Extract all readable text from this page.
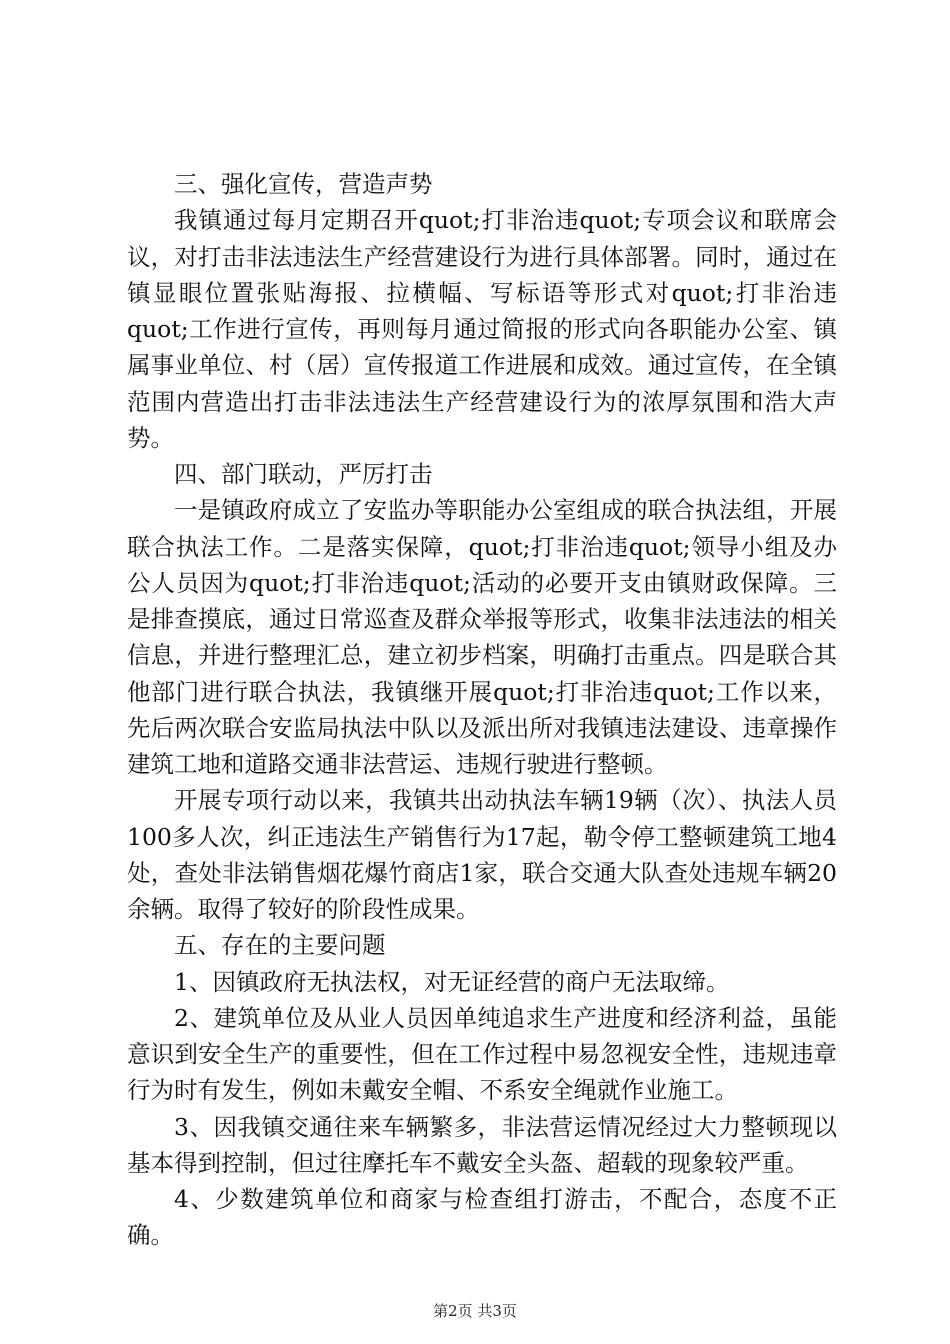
三、强化宣传，营造声势

我镇通过每月定期召开quot;打非治违quot;专项会议和联席会议，对打击非法违法生产经营建设行为进行具体部署。同时，通过在镇显眼位置张贴海报、拉横幅、写标语等形式对quot;打非治违quot;工作进行宣传，再则每月通过简报的形式向各职能办公室、镇属事业单位、村（居）宣传报道工作进展和成效。通过宣传，在全镇范围内营造出打击非法违法生产经营建设行为的浓厚氛围和浩大声势。

四、部门联动，严厉打击

一是镇政府成立了安监办等职能办公室组成的联合执法组，开展联合执法工作。二是落实保障，quot;打非治违quot;领导小组及办公人员因为quot;打非治违quot;活动的必要开支由镇财政保障。三是排查摸底，通过日常巡查及群众举报等形式，收集非法违法的相关信息，并进行整理汇总，建立初步档案，明确打击重点。四是联合其他部门进行联合执法，我镇继开展quot;打非治违quot;工作以来，先后两次联合安监局执法中队以及派出所对我镇违法建设、违章操作建筑工地和道路交通非法营运、违规行驶进行整顿。

开展专项行动以来，我镇共出动执法车辆19辆（次）、执法人员100多人次，纠正违法生产销售行为17起，勒令停工整顿建筑工地4处，查处非法销售烟花爆竹商店1家，联合交通大队查处违规车辆20余辆。取得了较好的阶段性成果。

五、存在的主要问题

1、因镇政府无执法权，对无证经营的商户无法取缔。

2、建筑单位及从业人员因单纯追求生产进度和经济利益，虽能意识到安全生产的重要性，但在工作过程中易忽视安全性，违规违章行为时有发生，例如未戴安全帽、不系安全绳就作业施工。

3、因我镇交通往来车辆繁多，非法营运情况经过大力整顿现以基本得到控制，但过往摩托车不戴安全头盔、超载的现象较严重。

4、少数建筑单位和商家与检查组打游击，不配合，态度不正确。

第2页 共3页
